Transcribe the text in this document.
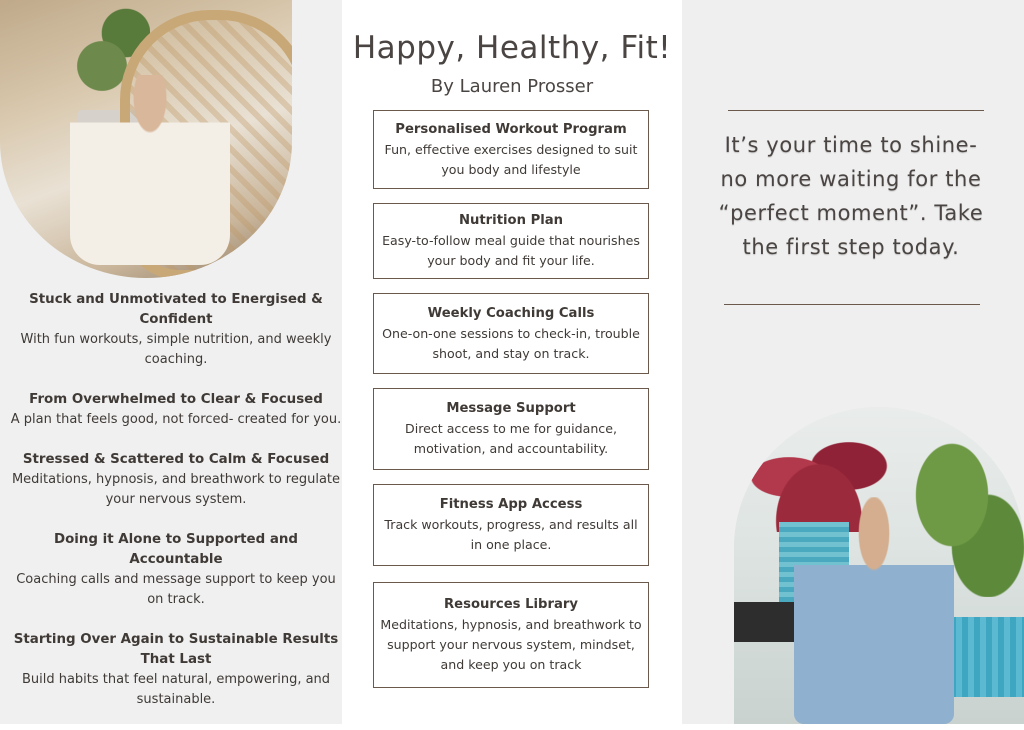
Stuck and Unmotivated to Energised & Confident

With fun workouts, simple nutrition, and weekly coaching.

From Overwhelmed to Clear & Focused

A plan that feels good, not forced- created for you.

Stressed & Scattered to Calm & Focused

Meditations, hypnosis, and breathwork to regulate your nervous system.

Doing it Alone to Supported and Accountable

Coaching calls and message support to keep you on track.

Starting Over Again to Sustainable Results That Last

Build habits that feel natural, empowering, and sustainable.

Happy, Healthy, Fit!
By Lauren Prosser
Personalised Workout Program

Fun, effective exercises designed to suit you body and lifestyle

Nutrition Plan

Easy-to-follow meal guide that nourishes your body and fit your life.

Weekly Coaching Calls

One-on-one sessions to check-in, trouble shoot, and stay on track.

Message Support

Direct access to me for guidance, motivation, and accountability.

Fitness App Access

Track workouts, progress, and results all in one place.

Resources Library

Meditations, hypnosis, and breathwork to support your nervous system, mindset, and keep you on track

It’s your time to shine- no more waiting for the “perfect moment”. Take the first step today.
